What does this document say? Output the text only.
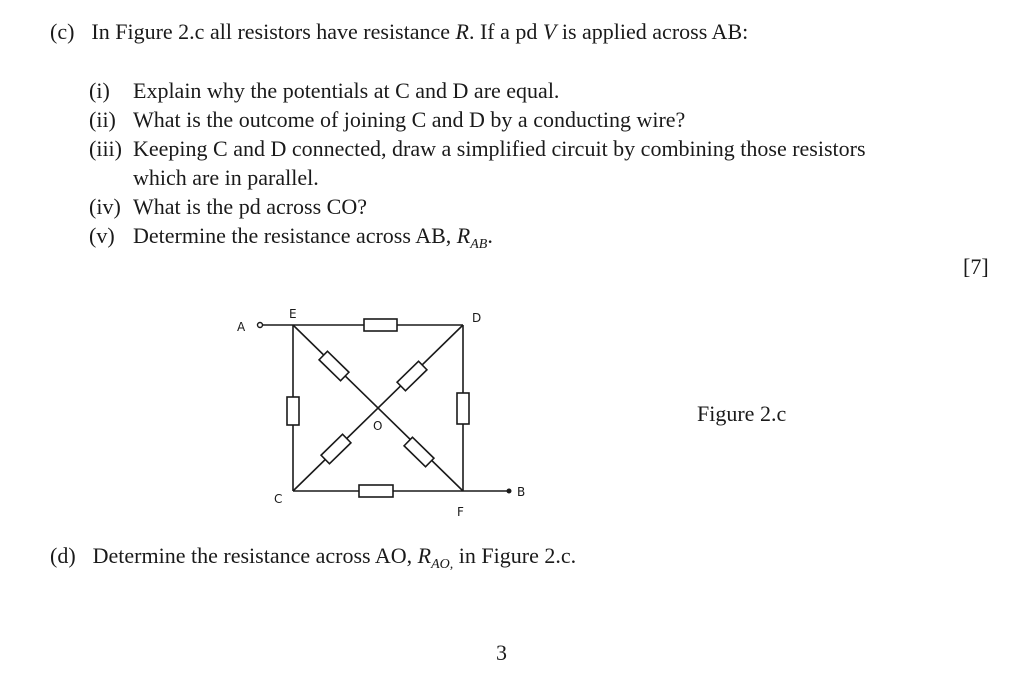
(c) In Figure 2.c all resistors have resistance R. If a pd V is applied across AB:
(i) Explain why the potentials at C and D are equal.
(ii) What is the outcome of joining C and D by a conducting wire?
(iii) Keeping C and D connected, draw a simplified circuit by combining those resistors
which are in parallel.
(iv) What is the pd across CO?
(v) Determine the resistance across AB, $R_{AB}$.
[7]
A
E	D
O
C	B
F
Figure 2.c
(d) Determine the resistance across AO, $R_{AO,}$ in Figure 2.c.
3
